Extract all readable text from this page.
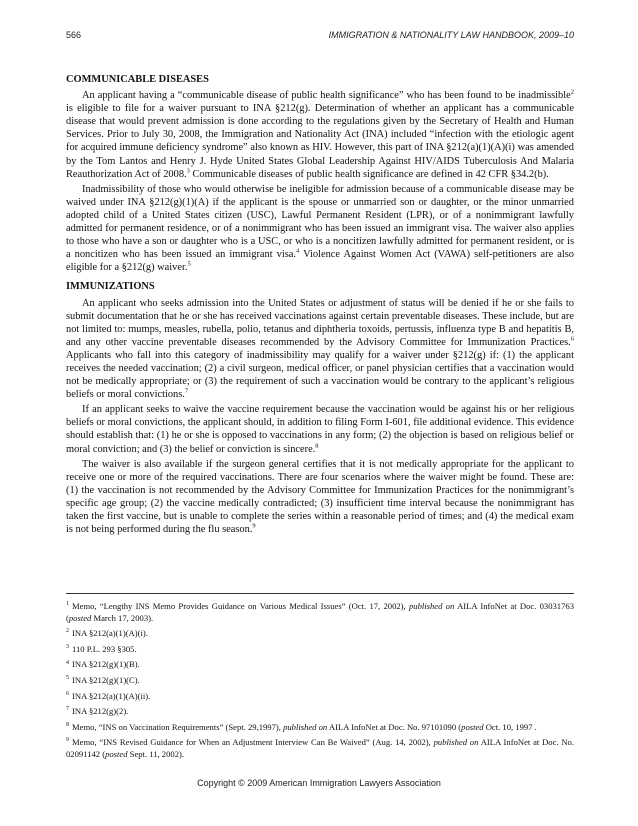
566	IMMIGRATION & NATIONALITY LAW HANDBOOK, 2009–10
COMMUNICABLE DISEASES

An applicant having a “communicable disease of public health significance” who has been found to be inadmissible$^2$ is eligible to file for a waiver pursuant to INA §212(g). Determination of whether an applicant has a communicable disease that would prevent admission is done according to the regulations given by the Secretary of Health and Human Services. Prior to July 30, 2008, the Immigration and Nationality Act (INA) included “infection with the etiologic agent for acquired immune deficiency syndrome” also known as HIV. However, this part of INA §212(a)(1)(A)(i) was amended by the Tom Lantos and Henry J. Hyde United States Global Leadership Against HIV/AIDS Tuberculosis And Malaria Reauthorization Act of 2008.$^3$ Communicable diseases of public health significance are defined in 42 CFR §34.2(b).

Inadmissibility of those who would otherwise be ineligible for admission because of a communicable disease may be waived under INA §212(g)(1)(A) if the applicant is the spouse or unmarried son or daughter, or the minor unmarried adopted child of a United States citizen (USC), Lawful Permanent Resident (LPR), or of a nonimmigrant lawfully admitted for permanent residence, or of a nonimmigrant who has been issued an immigrant visa. The waiver also applies to those who have a son or daughter who is a USC, or who is a noncitizen lawfully admitted for permanent resident, or is a noncitizen who has been issued an immigrant visa.$^4$ Violence Against Women Act (VAWA) self-petitioners are also eligible for a §212(g) waiver.$^5$

IMMUNIZATIONS

An applicant who seeks admission into the United States or adjustment of status will be denied if he or she fails to submit documentation that he or she has received vaccinations against certain preventable diseases. These include, but are not limited to: mumps, measles, rubella, polio, tetanus and diphtheria toxoids, pertussis, influenza type B and hepatitis B, and any other vaccine preventable diseases recommended by the Advisory Committee for Immunization Practices.$^6$ Applicants who fall into this category of inadmissibility may qualify for a waiver under §212(g) if: (1) the applicant receives the needed vaccination; (2) a civil surgeon, medical officer, or panel physician certifies that a vaccination would not be medically appropriate; or (3) the requirement of such a vaccination would be contrary to the applicant’s religious beliefs or moral convictions.$^7$

If an applicant seeks to waive the vaccine requirement because the vaccination would be against his or her religious beliefs or moral convictions, the applicant should, in addition to filing Form I-601, file additional evidence. This evidence should establish that: (1) he or she is opposed to vaccinations in any form; (2) the objection is based on religious belief or moral conviction; and (3) the belief or conviction is sincere.$^8$

The waiver is also available if the surgeon general certifies that it is not medically appropriate for the applicant to receive one or more of the required vaccinations. There are four scenarios where the waiver might be found. These are: (1) the vaccination is not recommended by the Advisory Committee for Immunization Practices for the nonimmigrant’s specific age group; (2) the vaccine medically contradicted; (3) insufficient time interval because the nonimmigrant has taken the first vaccine, but is unable to complete the series within a reasonable period of times; and (4) the medical exam is not being performed during the flu season.$^9$

$^1$ Memo, “Lengthy INS Memo Provides Guidance on Various Medical Issues” (Oct. 17, 2002), published on AILA InfoNet at Doc. 03031763 (posted March 17, 2003).
$^2$ INA §212(a)(1)(A)(i).
$^3$ 110 P.L. 293 §305.
$^4$ INA §212(g)(1)(B).
$^5$ INA §212(g)(1)(C).
$^6$ INA §212(a)(1)(A)(ii).
$^7$ INA §212(g)(2).
$^8$ Memo, “INS on Vaccination Requirements” (Sept. 29,1997), published on AILA InfoNet at Doc. No. 97101090 (posted Oct. 10, 1997 .
$^9$ Memo, “INS Revised Guidance for When an Adjustment Interview Can Be Waived” (Aug. 14, 2002), published on AILA InfoNet at Doc. No. 02091142 (posted Sept. 11, 2002).
Copyright © 2009 American Immigration Lawyers Association
